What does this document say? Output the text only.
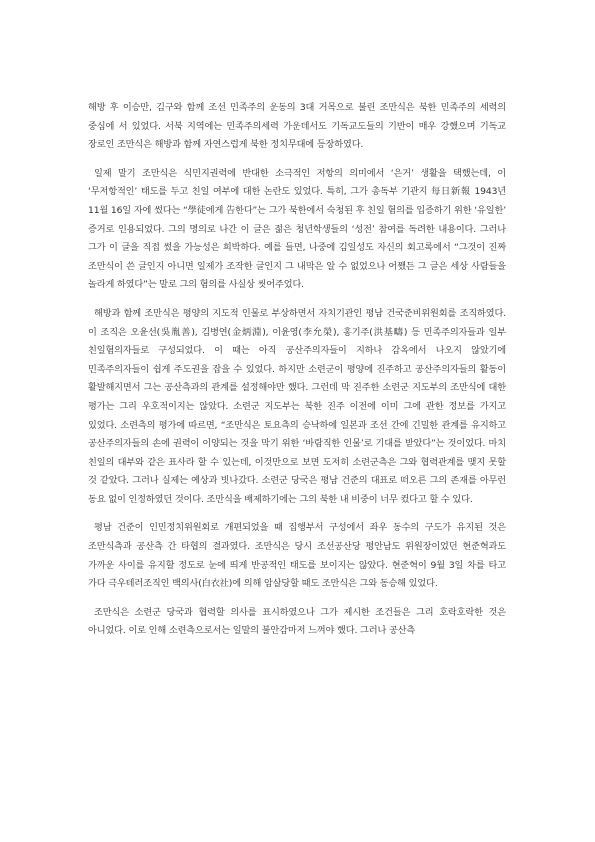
해방 후 이승만, 김구와 함께 조선 민족주의 운동의 3대 거목으로 불린 조만식은 북한 민족주의 세력의 중심에 서 있었다. 서북 지역에는 민족주의세력 가운데서도 기독교도들의 기반이 매우 강했으며 기독교 장로인 조만식은 해방과 함께 자연스럽게 북한 정치무대에 등장하였다.

일제 말기 조만식은 식민지권력에 반대한 소극적인 저항의 의미에서 ‘은거’ 생활을 택했는데, 이 ‘무저항적인’ 태도를 두고 친일 여부에 대한 논란도 있었다. 특히, 그가 총독부 기관지 每日新報 1943년 11월 16일 자에 썼다는 “學徒에게 告한다”는 그가 북한에서 숙청된 후 친일 혐의를 입증하기 위한 ‘유일한’ 증거로 인용되었다. 그의 명의로 나간 이 글은 젊은 청년학생들의 ‘성전’ 참여를 독려한 내용이다. 그러나 그가 이 글을 직접 썼을 가능성은 희박하다. 예를 들면, 나중에 김일성도 자신의 회고록에서 “그것이 진짜 조만식이 쓴 글인지 아니면 일제가 조작한 글인지 그 내막은 알 수 없었으나 어쨌든 그 글은 세상 사람들을 놀라게 하였다”는 말로 그의 혐의를 사실상 씻어주었다.

해방과 함께 조만식은 평양의 지도적 인물로 부상하면서 자치기관인 평남 건국준비위원회를 조직하였다. 이 조직은 오윤선(吳胤善), 김병연(金炳淵), 이윤영(李允榮), 홍기주(洪基疇) 등 민족주의자들과 일부 친일혐의자들로 구성되었다. 이 때는 아직 공산주의자들이 지하나 감옥에서 나오지 않았기에 민족주의자들이 쉽게 주도권을 잡을 수 있었다. 하지만 소련군이 평양에 진주하고 공산주의자들의 활동이 활발해지면서 그는 공산측과의 관계를 설정해야만 했다. 그런데 막 진주한 소련군 지도부의 조만식에 대한 평가는 그리 우호적이지는 않았다. 소련군 지도부는 북한 진주 이전에 이미 그에 관한 정보를 가지고 있었다. 소련측의 평가에 따르면, “조만식은 토요측의 승낙하에 일본과 조선 간에 긴밀한 관계를 유지하고 공산주의자들의 손에 권력이 이양되는 것을 막기 위한 ‘바람직한 인물’로 기대를 받았다”는 것이었다. 마치 친일의 대부와 같은 표사라 할 수 있는데, 이것만으로 보면 도저히 소련군측은 그와 협력관계를 맺지 못할 것 같았다. 그러나 실제는 예상과 빗나갔다. 소련군 당국은 평남 건준의 대표로 떠오른 그의 존재를 아무런 동요 없이 인정하였던 것이다. 조만식을 배제하기에는 그의 북한 내 비중이 너무 컸다고 할 수 있다.

평남 건준이 인민정치위원회로 개편되었을 때 집행부서 구성에서 좌우 동수의 구도가 유지된 것은 조만식측과 공산측 간 타협의 결과였다. 조만식은 당시 조선공산당 평안남도 위원장이었던 현준혁과도 가까운 사이를 유지할 정도로 눈에 띄게 반공적인 태도를 보이지는 않았다. 현준혁이 9월 3일 차를 타고 가다 극우테러조직인 백의사(白衣社)에 의해 암살당할 때도 조만식은 그와 동승해 있었다.

조만식은 소련군 당국과 협력할 의사를 표시하였으나 그가 제시한 조건들은 그리 호락호락한 것은 아니었다. 이로 인해 소련측으로서는 일말의 불안감마저 느껴야 했다. 그러나 공산측
